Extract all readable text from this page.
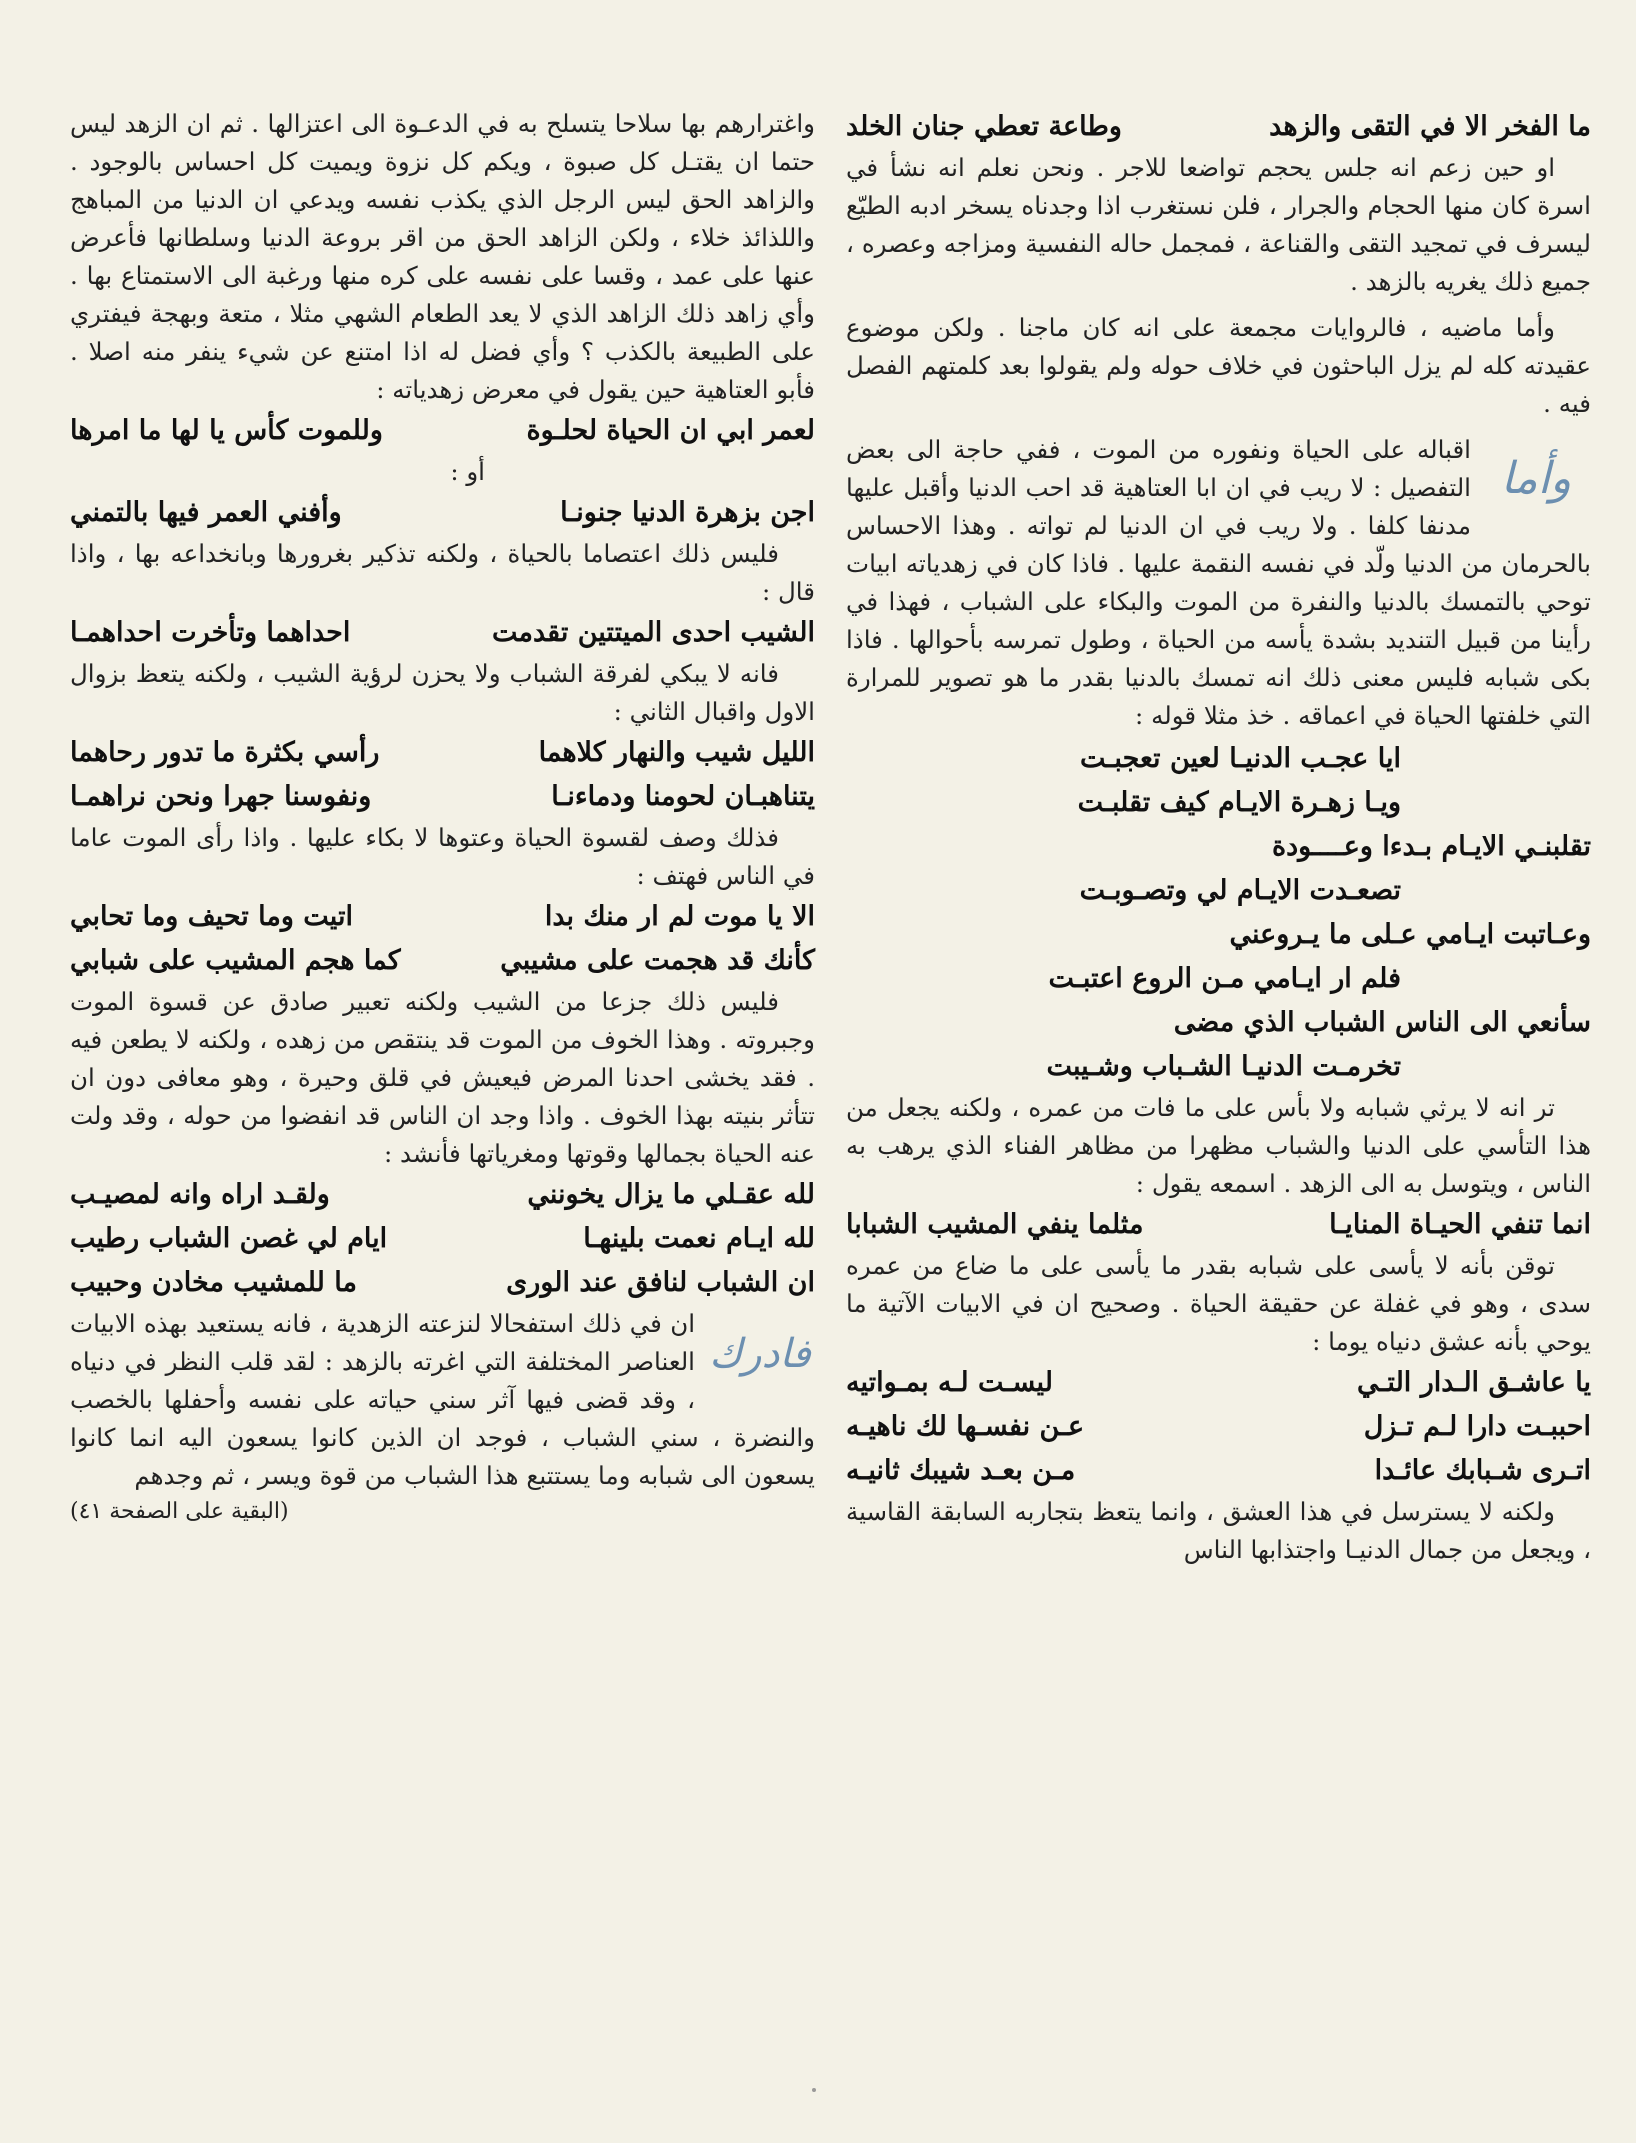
ما الفخر الا في التقى والزهد
وطاعة تعطي جنان الخلد

او حين زعم انه جلس يحجم تواضعا للاجر . ونحن نعلم انه نشأ في اسرة كان منها الحجام والجرار ، فلن نستغرب اذا وجدناه يسخر ادبه الطيّع ليسرف في تمجيد التقى والقناعة ، فمجمل حاله النفسية ومزاجه وعصره ، جميع ذلك يغريه بالزهد .

وأما ماضيه ، فالروايات مجمعة على انه كان ماجنا . ولكن موضوع عقيدته كله لم يزل الباحثون في خلاف حوله ولم يقولوا بعد كلمتهم الفصل فيه .

وأما
اقباله على الحياة ونفوره من الموت ، ففي حاجة الى بعض التفصيل : لا ريب في ان ابا العتاهية قد احب الدنيا وأقبل عليها مدنفا كلفا . ولا ريب في ان الدنيا لم تواته . وهذا الاحساس بالحرمان من الدنيا ولّد في نفسه النقمة عليها . فاذا كان في زهدياته ابيات توحي بالتمسك بالدنيا والنفرة من الموت والبكاء على الشباب ، فهذا في رأينا من قبيل التنديد بشدة يأسه من الحياة ، وطول تمرسه بأحوالها . فاذا بكى شبابه فليس معنى ذلك انه تمسك بالدنيا بقدر ما هو تصوير للمرارة التي خلفتها الحياة في اعماقه . خذ مثلا قوله :

ايا عجـب الدنيـا لعين تعجبـت
ويـا زهـرة الايـام كيف تقلبـت
تقلبنـي الايـام بـدءا وعــــودة
تصعـدت الايـام لي وتصـوبـت
وعـاتبت ايـامي عـلى ما يـروعني
فلم ار ايـامي مـن الروع اعتبـت
سأنعي الى الناس الشباب الذي مضى
تخرمـت الدنيـا الشـباب وشـيبت

تر انه لا يرثي شبابه ولا بأس على ما فات من عمره ، ولكنه يجعل من هذا التأسي على الدنيا والشباب مظهرا من مظاهر الفناء الذي يرهب به الناس ، ويتوسل به الى الزهد . اسمعه يقول :

انما تنفي الحيـاة المنايـا
مثلما ينفي المشيب الشبابا

توقن بأنه لا يأسى على شبابه بقدر ما يأسى على ما ضاع من عمره سدى ، وهو في غفلة عن حقيقة الحياة . وصحيح ان في الابيات الآتية ما يوحي بأنه عشق دنياه يوما :

يا عاشـق الـدار التـي
ليسـت لـه بمـواتيه
احببـت دارا لـم تـزل
عـن نفسـها لك ناهيـه
اتـرى شـبابك عائـدا
مـن بعـد شيبك ثانيـه

ولكنه لا يسترسل في هذا العشق ، وانما يتعظ بتجاربه السابقة القاسية ، ويجعل من جمال الدنيـا واجتذابها الناس

واغترارهم بها سلاحا يتسلح به في الدعـوة الى اعتزالها . ثم ان الزهد ليس حتما ان يقتـل كل صبوة ، ويكم كل نزوة ويميت كل احساس بالوجود . والزاهد الحق ليس الرجل الذي يكذب نفسه ويدعي ان الدنيا من المباهج واللذائذ خلاء ، ولكن الزاهد الحق من اقر بروعة الدنيا وسلطانها فأعرض عنها على عمد ، وقسا على نفسه على كره منها ورغبة الى الاستمتاع بها . وأي زاهد ذلك الزاهد الذي لا يعد الطعام الشهي مثلا ، متعة وبهجة فيفتري على الطبيعة بالكذب ؟ وأي فضل له اذا امتنع عن شيء ينفر منه اصلا . فأبو العتاهية حين يقول في معرض زهدياته :

لعمر ابي ان الحياة لحلـوة
وللموت كأس يا لها ما امرها

أو :

اجن بزهرة الدنيا جنونـا
وأفني العمر فيها بالتمني

فليس ذلك اعتصاما بالحياة ، ولكنه تذكير بغرورها وبانخداعه بها ، واذا قال :

الشيب احدى الميتتين تقدمت
احداهما وتأخرت احداهمـا

فانه لا يبكي لفرقة الشباب ولا يحزن لرؤية الشيب ، ولكنه يتعظ بزوال الاول واقبال الثاني :

الليل شيب والنهار كلاهما
رأسي بكثرة ما تدور رحاهما
يتناهبـان لحومنا ودماءنـا
ونفوسنا جهرا ونحن نراهمـا

فذلك وصف لقسوة الحياة وعتوها لا بكاء عليها . واذا رأى الموت عاما في الناس فهتف :

الا يا موت لم ار منك بدا
اتيت وما تحيف وما تحابي
كأنك قد هجمت على مشيبي
كما هجم المشيب على شبابي

فليس ذلك جزعا من الشيب ولكنه تعبير صادق عن قسوة الموت وجبروته . وهذا الخوف من الموت قد ينتقص من زهده ، ولكنه لا يطعن فيه . فقد يخشى احدنا المرض فيعيش في قلق وحيرة ، وهو معافى دون ان تتأثر بنيته بهذا الخوف . واذا وجد ان الناس قد انفضوا من حوله ، وقد ولت عنه الحياة بجمالها وقوتها ومغرياتها فأنشد :

لله عقـلي ما يزال يخونني
ولقـد اراه وانه لمصيـب
لله ايـام نعمت بلينهـا
ايام لي غصن الشباب رطيب
ان الشباب لنافق عند الورى
ما للمشيب مخادن وحبيب

فادرك
ان في ذلك استفحالا لنزعته الزهدية ، فانه يستعيد بهذه الابيات العناصر المختلفة التي اغرته بالزهد : لقد قلب النظر في دنياه ، وقد قضى فيها آثر سني حياته على نفسه وأحفلها بالخصب والنضرة ، سني الشباب ، فوجد ان الذين كانوا يسعون اليه انما كانوا يسعون الى شبابه وما يستتبع هذا الشباب من قوة ويسر ، ثم وجدهم

(البقية على الصفحة ٤١)
